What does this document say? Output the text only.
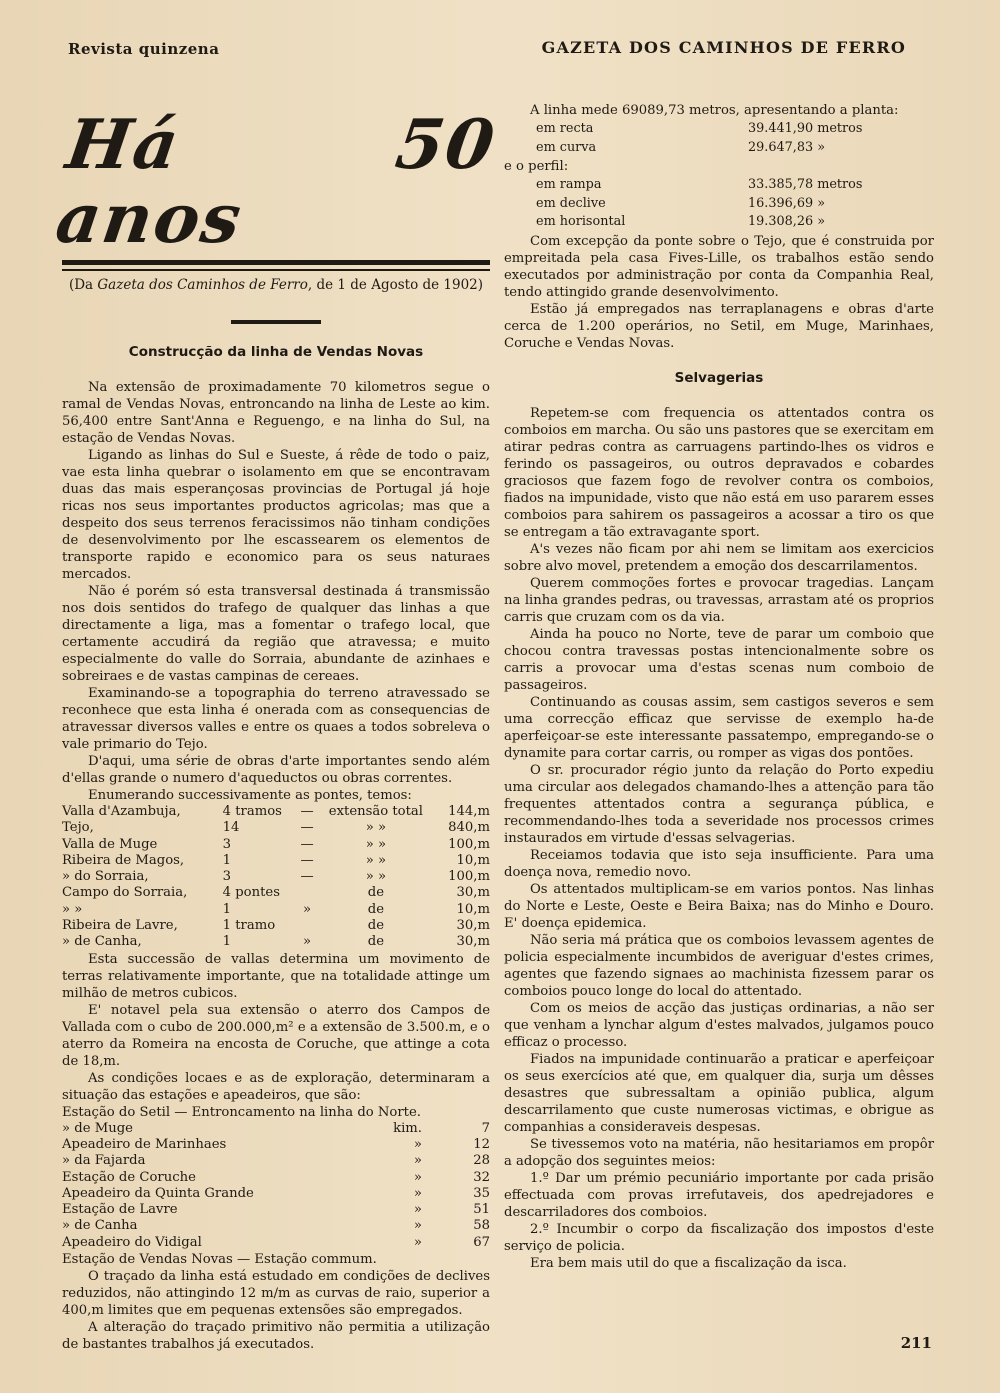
Revista quinzena	GAZETA DOS CAMINHOS DE FERRO
Há 50 anos
(Da Gazeta dos Caminhos de Ferro, de 1 de Agosto de 1902)
Construcção da linha de Vendas Novas

Na extensão de proximadamente 70 kilometros segue o ramal de Vendas Novas, entroncando na linha de Leste ao kim. 56,400 entre Sant'Anna e Reguengo, e na linha do Sul, na estação de Vendas Novas.

Ligando as linhas do Sul e Sueste, á rêde de todo o paiz, vae esta linha quebrar o isolamento em que se encontravam duas das mais esperançosas provincias de Portugal já hoje ricas nos seus importantes productos agricolas; mas que a despeito dos seus terrenos feracissimos não tinham condições de desenvolvimento por lhe escassearem os elementos de transporte rapido e economico para os seus naturaes mercados.

Não é porém só esta transversal destinada á transmissão nos dois sentidos do trafego de qualquer das linhas a que directamente a liga, mas a fomentar o trafego local, que certamente accudirá da região que atravessa; e muito especialmente do valle do Sorraia, abundante de azinhaes e sobreiraes e de vastas campinas de cereaes.

Examinando-se a topographia do terreno atravessado se reconhece que esta linha é onerada com as consequencias de atravessar diversos valles e entre os quaes a todos sobreleva o vale primario do Tejo.

D'aqui, uma série de obras d'arte importantes sendo além d'ellas grande o numero d'aqueductos ou obras correntes.

Enumerando successivamente as pontes, temos:

Valla d'Azambuja,	4 tramos	—	extensão total	144,m
Tejo,	14	—	» »	840,m
Valla de Muge	3	—	» »	100,m
Ribeira de Magos,	1	—	» »	10,m
» do Sorraia,	3	—	» »	100,m
Campo do Sorraia,	4 pontes		de	30,m
» »	1	»	de	10,m
Ribeira de Lavre,	1 tramo		de	30,m
» de Canha,	1	»	de	30,m

Esta successão de vallas determina um movimento de terras relativamente importante, que na totalidade attinge um milhão de metros cubicos.

E' notavel pela sua extensão o aterro dos Campos de Vallada com o cubo de 200.000,m² e a extensão de 3.500.m, e o aterro da Romeira na encosta de Coruche, que attinge a cota de 18,m.

As condições locaes e as de exploração, determinaram a situação das estações e apeadeiros, que são:

Estação do Setil — Entroncamento na linha do Norte.
» de Muge	kim.	7
Apeadeiro de Marinhaes	»	12
» da Fajarda	»	28
Estação de Coruche	»	32
Apeadeiro da Quinta Grande	»	35
Estação de Lavre	»	51
» de Canha	»	58
Apeadeiro do Vidigal	»	67
Estação de Vendas Novas — Estação commum.

O traçado da linha está estudado em condições de declives reduzidos, não attingindo 12 m/m as curvas de raio, superior a 400,m limites que em pequenas extensões são empregados.

A alteração do traçado primitivo não permitia a utilização de bastantes trabalhos já executados.

A linha mede 69089,73 metros, apresentando a planta:

em recta	39.441,90 metros
em curva	29.647,83 »
e o perfil:
em rampa	33.385,78 metros
em declive	16.396,69 »
em horisontal	19.308,26 »

Com excepção da ponte sobre o Tejo, que é construida por empreitada pela casa Fives-Lille, os trabalhos estão sendo executados por administração por conta da Companhia Real, tendo attingido grande desenvolvimento.

Estão já empregados nas terraplanagens e obras d'arte cerca de 1.200 operários, no Setil, em Muge, Marinhaes, Coruche e Vendas Novas.

Selvagerias

Repetem-se com frequencia os attentados contra os comboios em marcha. Ou são uns pastores que se exercitam em atirar pedras contra as carruagens partindo-lhes os vidros e ferindo os passageiros, ou outros depravados e cobardes graciosos que fazem fogo de revolver contra os comboios, fiados na impunidade, visto que não está em uso pararem esses comboios para sahirem os passageiros a acossar a tiro os que se entregam a tão extravagante sport.

A's vezes não ficam por ahi nem se limitam aos exercicios sobre alvo movel, pretendem a emoção dos descarrilamentos.

Querem commoções fortes e provocar tragedias. Lançam na linha grandes pedras, ou travessas, arrastam até os proprios carris que cruzam com os da via.

Ainda ha pouco no Norte, teve de parar um comboio que chocou contra travessas postas intencionalmente sobre os carris a provocar uma d'estas scenas num comboio de passageiros.

Continuando as cousas assim, sem castigos severos e sem uma correcção efficaz que servisse de exemplo ha-de aperfeiçoar-se este interessante passatempo, empregando-se o dynamite para cortar carris, ou romper as vigas dos pontões.

O sr. procurador régio junto da relação do Porto expediu uma circular aos delegados chamando-lhes a attenção para tão frequentes attentados contra a segurança pública, e recommendando-lhes toda a severidade nos processos crimes instaurados em virtude d'essas selvagerias.

Receiamos todavia que isto seja insufficiente. Para uma doença nova, remedio novo.

Os attentados multiplicam-se em varios pontos. Nas linhas do Norte e Leste, Oeste e Beira Baixa; nas do Minho e Douro. E' doença epidemica.

Não seria má prática que os comboios levassem agentes de policia especialmente incumbidos de averiguar d'estes crimes, agentes que fazendo signaes ao machinista fizessem parar os comboios pouco longe do local do attentado.

Com os meios de acção das justiças ordinarias, a não ser que venham a lynchar algum d'estes malvados, julgamos pouco efficaz o processo.

Fiados na impunidade continuarão a praticar e aperfeiçoar os seus exercícios até que, em qualquer dia, surja um dêsses desastres que subressaltam a opinião publica, algum descarrilamento que custe numerosas victimas, e obrigue as companhias a consideraveis despesas.

Se tivessemos voto na matéria, não hesitariamos em propôr a adopção dos seguintes meios:

1.º Dar um prémio pecuniário importante por cada prisão effectuada com provas irrefutaveis, dos apedrejadores e descarriladores dos comboios.

2.º Incumbir o corpo da fiscalização dos impostos d'este serviço de policia.

Era bem mais util do que a fiscalização da isca.

211
